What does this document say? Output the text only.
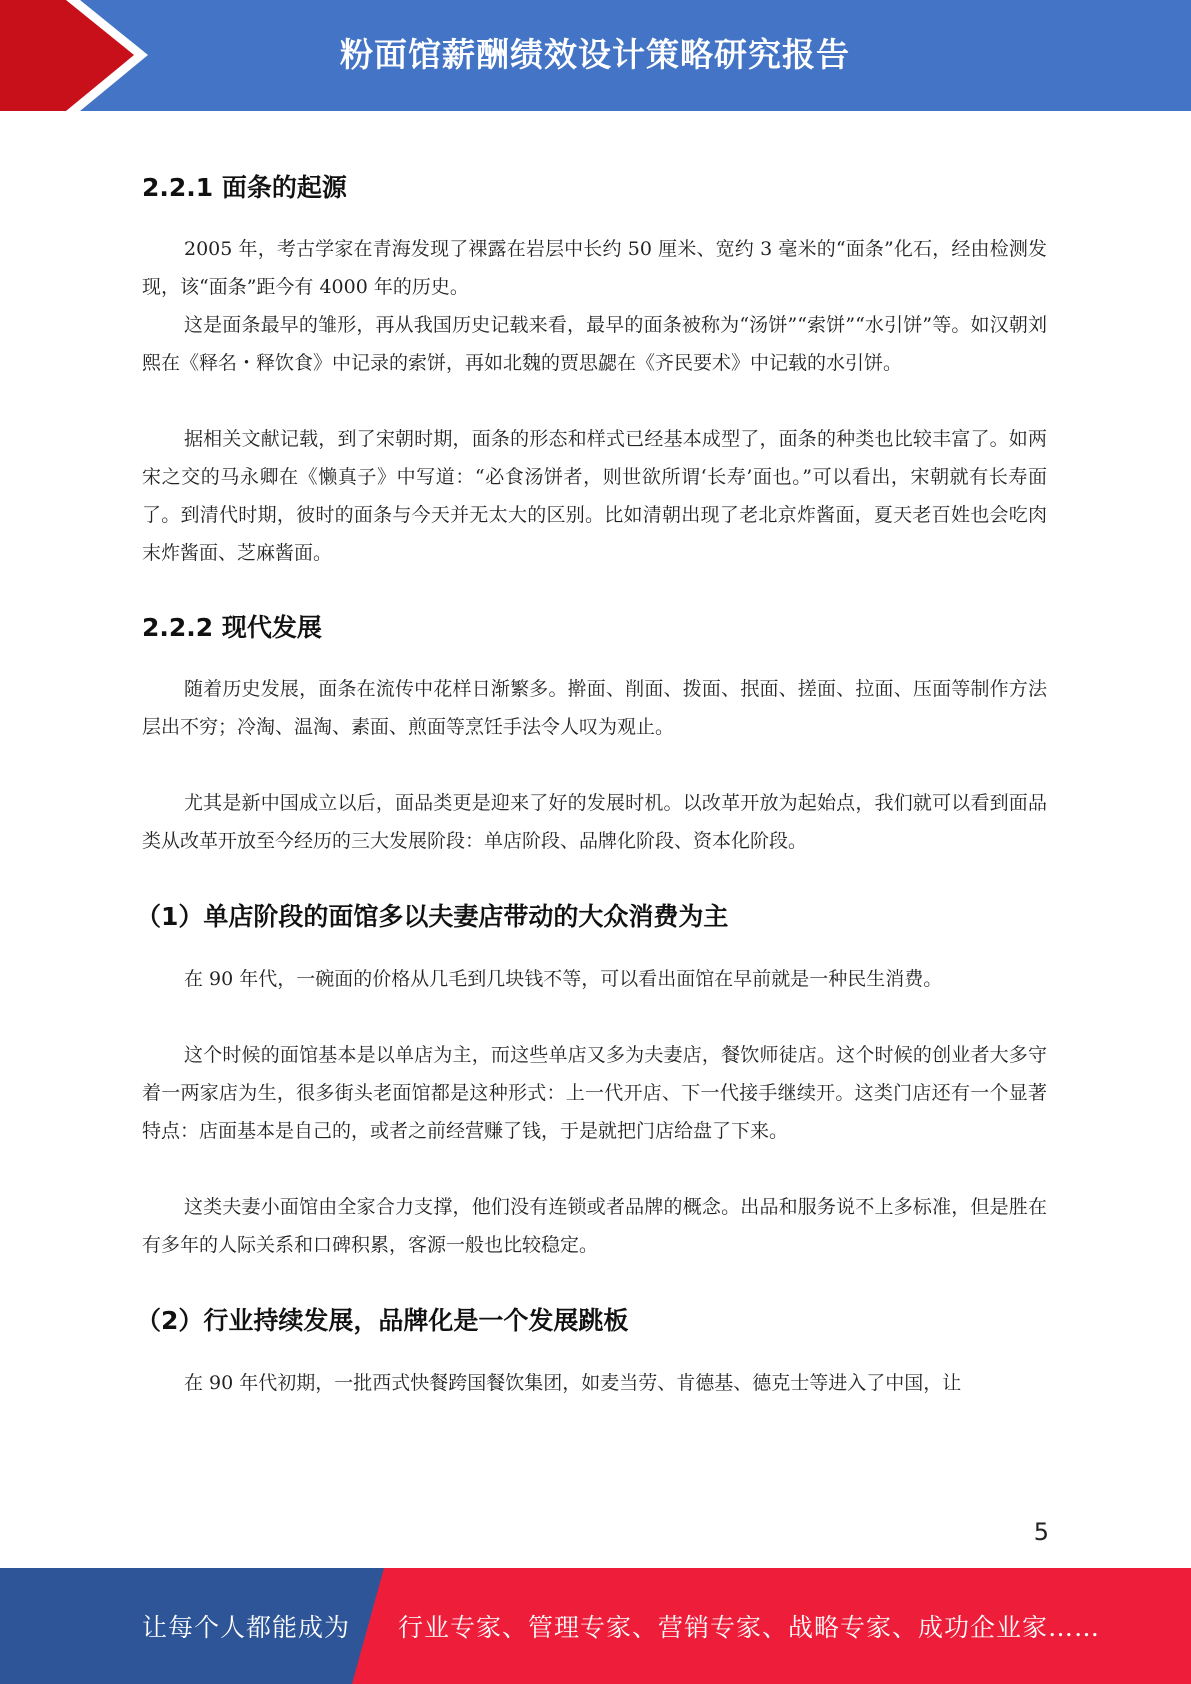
粉面馆薪酬绩效设计策略研究报告
2.2.1 面条的起源

2005 年，考古学家在青海发现了裸露在岩层中长约 50 厘米、宽约 3 毫米的“面条”化石，经由检测发现，该“面条”距今有 4000 年的历史。

这是面条最早的雏形，再从我国历史记载来看，最早的面条被称为“汤饼”“索饼”“水引饼”等。如汉朝刘熙在《释名・释饮食》中记录的索饼，再如北魏的贾思勰在《齐民要术》中记载的水引饼。

据相关文献记载，到了宋朝时期，面条的形态和样式已经基本成型了，面条的种类也比较丰富了。如两宋之交的马永卿在《懒真子》中写道：“必食汤饼者，则世欲所谓‘长寿’面也。”可以看出，宋朝就有长寿面了。到清代时期，彼时的面条与今天并无太大的区别。比如清朝出现了老北京炸酱面，夏天老百姓也会吃肉末炸酱面、芝麻酱面。

2.2.2 现代发展

随着历史发展，面条在流传中花样日渐繁多。擀面、削面、拨面、抿面、搓面、拉面、压面等制作方法层出不穷；冷淘、温淘、素面、煎面等烹饪手法令人叹为观止。

尤其是新中国成立以后，面品类更是迎来了好的发展时机。以改革开放为起始点，我们就可以看到面品类从改革开放至今经历的三大发展阶段：单店阶段、品牌化阶段、资本化阶段。

（1）单店阶段的面馆多以夫妻店带动的大众消费为主

在 90 年代，一碗面的价格从几毛到几块钱不等，可以看出面馆在早前就是一种民生消费。

这个时候的面馆基本是以单店为主，而这些单店又多为夫妻店，餐饮师徒店。这个时候的创业者大多守着一两家店为生，很多街头老面馆都是这种形式：上一代开店、下一代接手继续开。这类门店还有一个显著特点：店面基本是自己的，或者之前经营赚了钱，于是就把门店给盘了下来。

这类夫妻小面馆由全家合力支撑，他们没有连锁或者品牌的概念。出品和服务说不上多标准，但是胜在有多年的人际关系和口碑积累，客源一般也比较稳定。

（2）行业持续发展，品牌化是一个发展跳板

在 90 年代初期，一批西式快餐跨国餐饮集团，如麦当劳、肯德基、德克士等进入了中国，让

5
让每个人都能成为 行业专家、管理专家、营销专家、战略专家、成功企业家……
